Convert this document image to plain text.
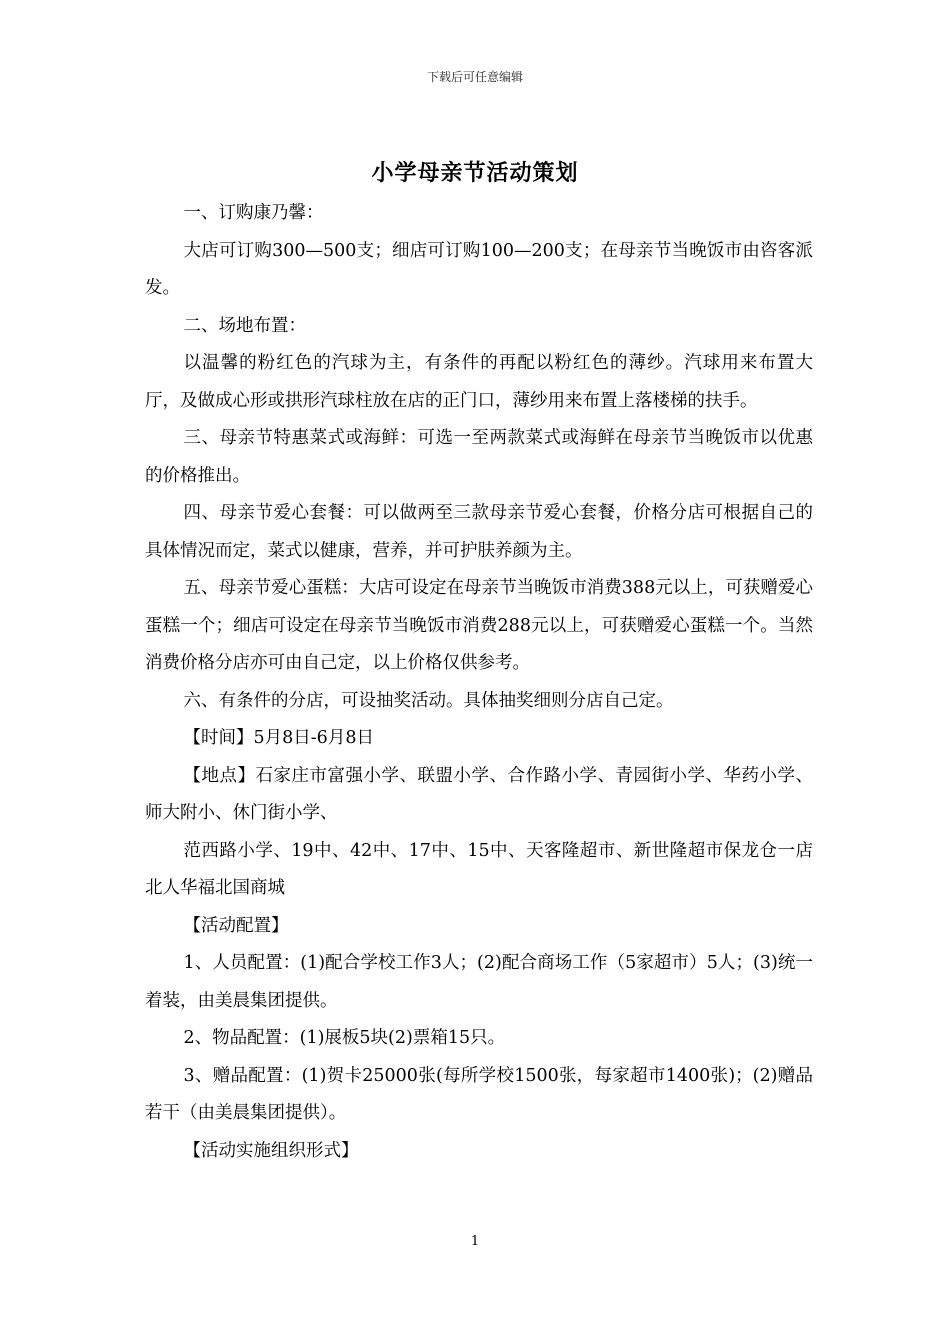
下载后可任意编辑
小学母亲节活动策划

一、订购康乃馨：

大店可订购300—500支；细店可订购100—200支；在母亲节当晚饭市由咨客派发。

二、场地布置：

以温馨的粉红色的汽球为主，有条件的再配以粉红色的薄纱。汽球用来布置大厅，及做成心形或拱形汽球柱放在店的正门口，薄纱用来布置上落楼梯的扶手。

三、母亲节特惠菜式或海鲜：可选一至两款菜式或海鲜在母亲节当晚饭市以优惠的价格推出。

四、母亲节爱心套餐：可以做两至三款母亲节爱心套餐，价格分店可根据自己的具体情况而定，菜式以健康，营养，并可护肤养颜为主。

五、母亲节爱心蛋糕：大店可设定在母亲节当晚饭市消费388元以上，可获赠爱心蛋糕一个；细店可设定在母亲节当晚饭市消费288元以上，可获赠爱心蛋糕一个。当然消费价格分店亦可由自己定，以上价格仅供参考。

六、有条件的分店，可设抽奖活动。具体抽奖细则分店自己定。

【时间】5月8日-6月8日

【地点】石家庄市富强小学、联盟小学、合作路小学、青园街小学、华药小学、师大附小、休门街小学、

范西路小学、19中、42中、17中、15中、天客隆超市、新世隆超市保龙仓一店北人华福北国商城

【活动配置】

1、人员配置：(1)配合学校工作3人；(2)配合商场工作（5家超市）5人；(3)统一着装，由美晨集团提供。

2、物品配置：(1)展板5块(2)票箱15只。

3、赠品配置：(1)贺卡25000张(每所学校1500张，每家超市1400张)；(2)赠品若干（由美晨集团提供）。

【活动实施组织形式】

1
